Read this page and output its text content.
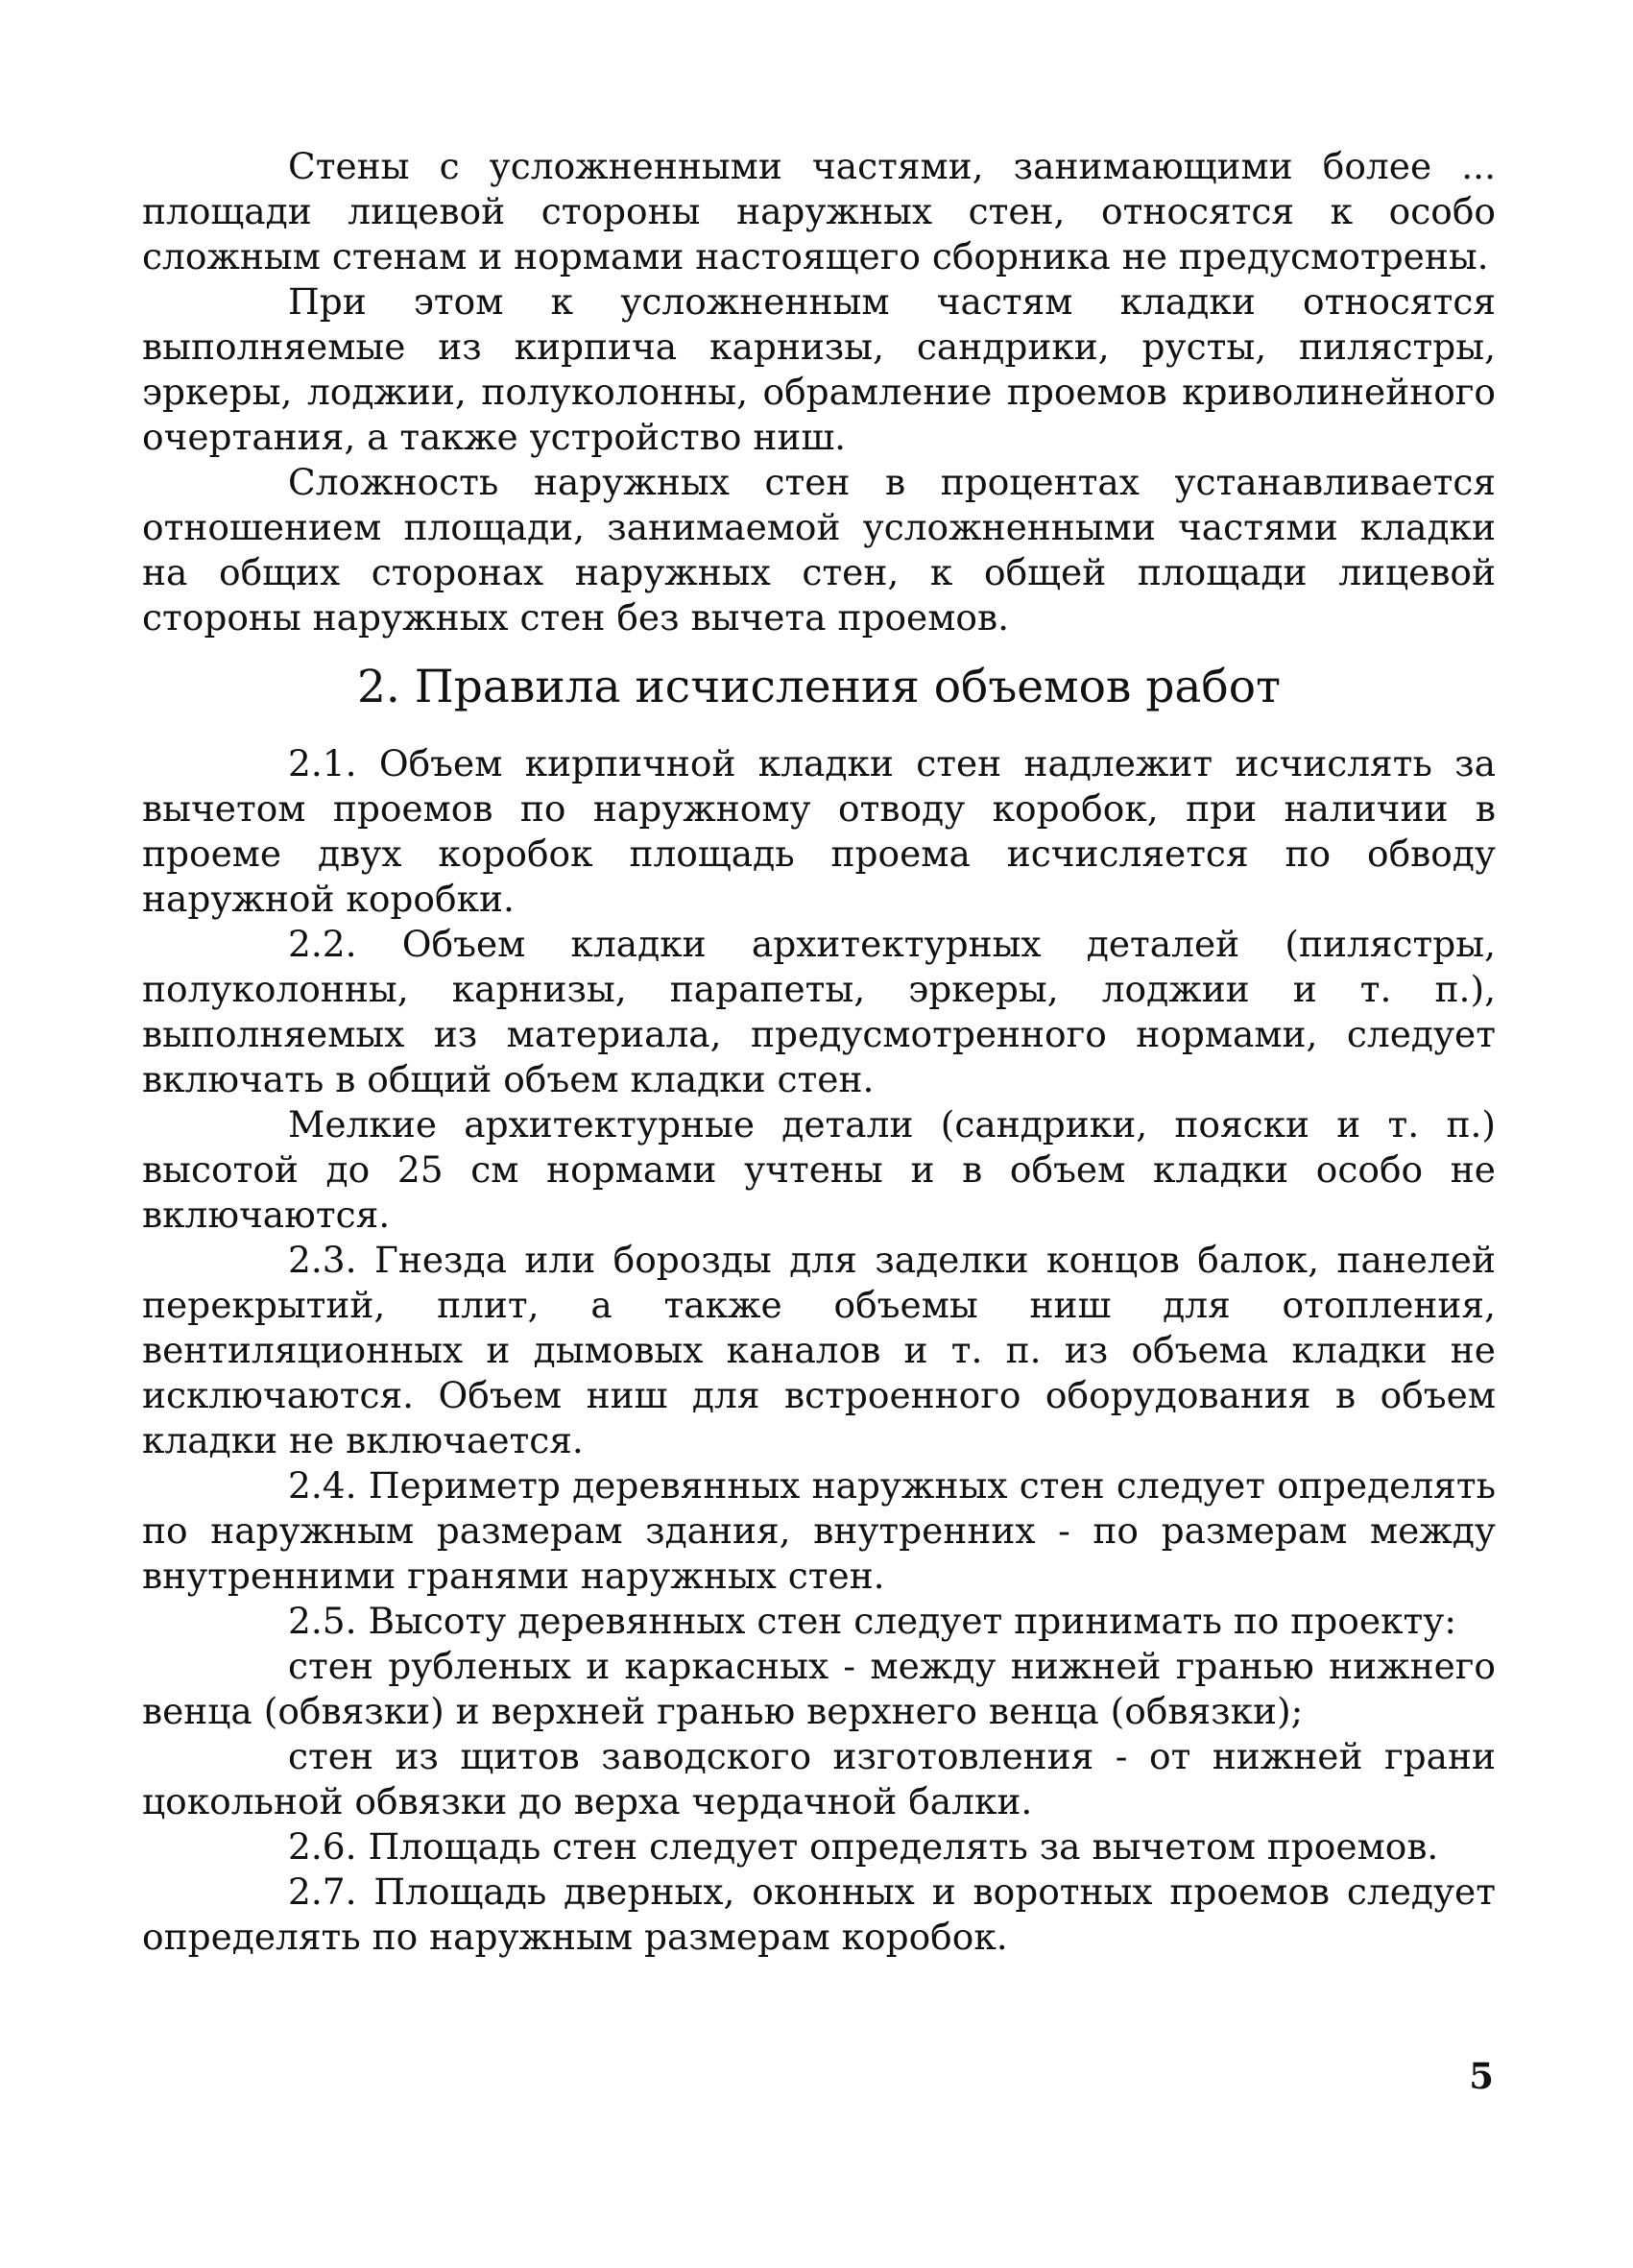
Стены с усложненными частями, занимающими более ... площади лицевой стороны наружных стен, относятся к особо сложным стенам и нормами настоящего сборника не предусмотрены.

При этом к усложненным частям кладки относятся выполняемые из кирпича карнизы, сандрики, русты, пилястры, эркеры, лоджии, полуколонны, обрамление проемов криволинейного очертания, а также устройство ниш.

Сложность наружных стен в процентах устанавливается отношением площади, занимаемой усложненными частями кладки на общих сторонах наружных стен, к общей площади лицевой стороны наружных стен без вычета проемов.

2. Правила исчисления объемов работ

2.1. Объем кирпичной кладки стен надлежит исчислять за вычетом проемов по наружному отводу коробок, при наличии в проеме двух коробок площадь проема исчисляется по обводу наружной коробки.

2.2. Объем кладки архитектурных деталей (пилястры, полуколонны, карнизы, парапеты, эркеры, лоджии и т. п.), выполняемых из материала, предусмотренного нормами, следует включать в общий объем кладки стен.

Мелкие архитектурные детали (сандрики, пояски и т. п.) высотой до 25 см нормами учтены и в объем кладки особо не включаются.

2.3. Гнезда или борозды для заделки концов балок, панелей перекрытий, плит, а также объемы ниш для отопления, вентиляционных и дымовых каналов и т. п. из объема кладки не исключаются. Объем ниш для встроенного оборудования в объем кладки не включается.

2.4. Периметр деревянных наружных стен следует определять по наружным размерам здания, внутренних - по размерам между внутренними гранями наружных стен.

2.5. Высоту деревянных стен следует принимать по проекту:

стен рубленых и каркасных - между нижней гранью нижнего венца (обвязки) и верхней гранью верхнего венца (обвязки);

стен из щитов заводского изготовления - от нижней грани цокольной обвязки до верха чердачной балки.

2.6. Площадь стен следует определять за вычетом проемов.

2.7. Площадь дверных, оконных и воротных проемов следует определять по наружным размерам коробок.

5
